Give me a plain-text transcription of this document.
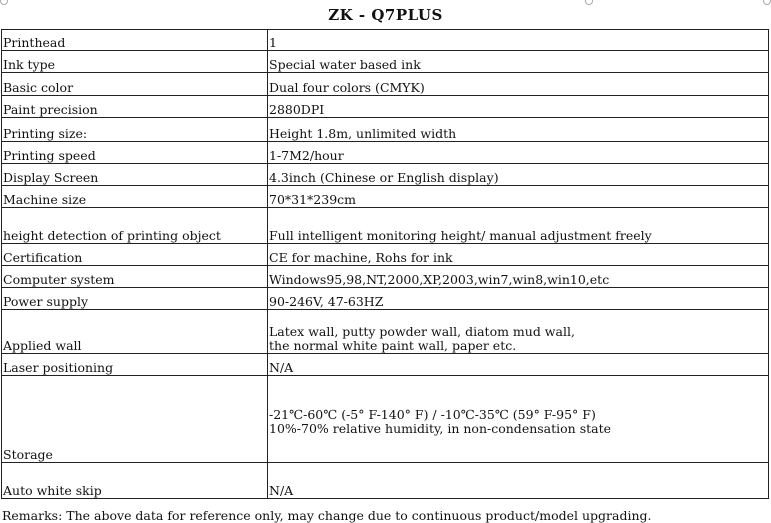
ZK - Q7PLUS
Printhead	1

Ink type	Special water based ink

Basic color	Dual four colors (CMYK)

Paint precision	2880DPI

Printing size:	Height 1.8m, unlimited width

Printing speed	1-7M2/hour

Display Screen	4.3inch (Chinese or English display)

Machine size	70*31*239cm

height detection of printing object	Full intelligent monitoring height/ manual adjustment freely

Certification	CE for machine, Rohs for ink

Computer system	Windows95,98,NT,2000,XP,2003,win7,win8,win10,etc

Power supply	90-246V, 47-63HZ

Applied wall	Latex wall, putty powder wall, diatom mud wall,
the normal white paint wall, paper etc.

Laser positioning	N/A

Storage	-21℃-60℃ (-5° F-140° F) / -10℃-35℃ (59° F-95° F)
10%-70% relative humidity, in non-condensation state

Auto white skip	N/A
Remarks: The above data for reference only, may change due to continuous product/model upgrading.
